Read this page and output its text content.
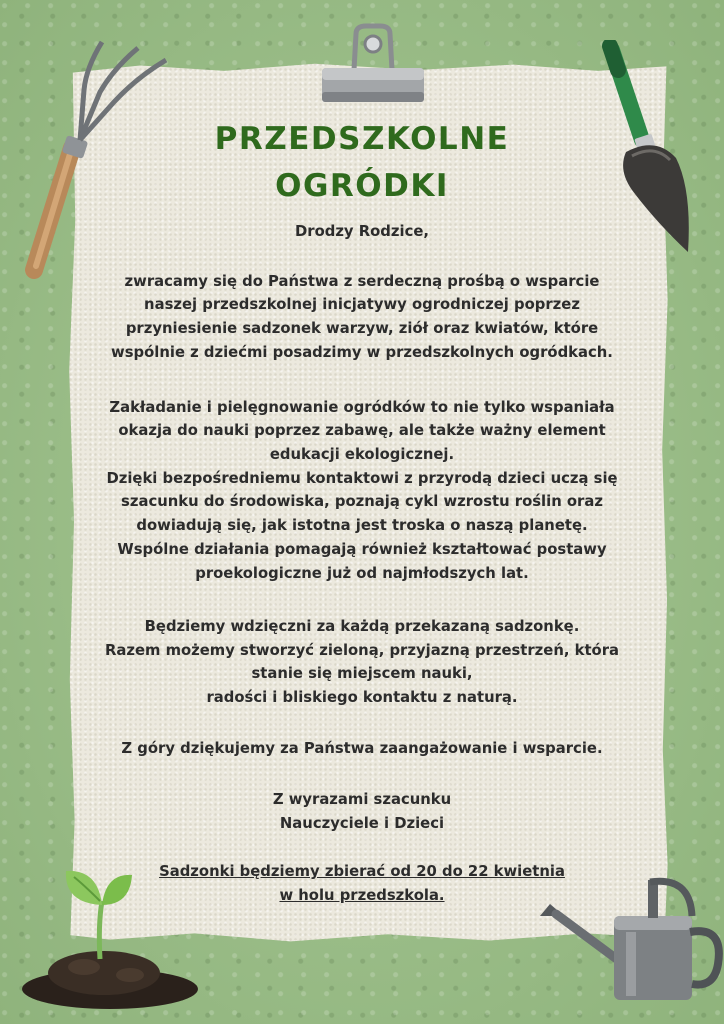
PRZEDSZKOLNE
OGRÓDKI

Drodzy Rodzice,

zwracamy się do Państwa z serdeczną prośbą o wsparcie

naszej przedszkolnej inicjatywy ogrodniczej poprzez

przyniesienie sadzonek warzyw, ziół oraz kwiatów, które

wspólnie z dziećmi posadzimy w przedszkolnych ogródkach.

Zakładanie i pielęgnowanie ogródków to nie tylko wspaniała

okazja do nauki poprzez zabawę, ale także ważny element

edukacji ekologicznej.

Dzięki bezpośredniemu kontaktowi z przyrodą dzieci uczą się

szacunku do środowiska, poznają cykl wzrostu roślin oraz

dowiadują się, jak istotna jest troska o naszą planetę.

Wspólne działania pomagają również kształtować postawy

proekologiczne już od najmłodszych lat.

Będziemy wdzięczni za każdą przekazaną sadzonkę.

Razem możemy stworzyć zieloną, przyjazną przestrzeń, która

stanie się miejscem nauki,

radości i bliskiego kontaktu z naturą.

Z góry dziękujemy za Państwa zaangażowanie i wsparcie.

Z wyrazami szacunku

Nauczyciele i Dzieci

Sadzonki będziemy zbierać od 20 do 22 kwietnia

w holu przedszkola.
